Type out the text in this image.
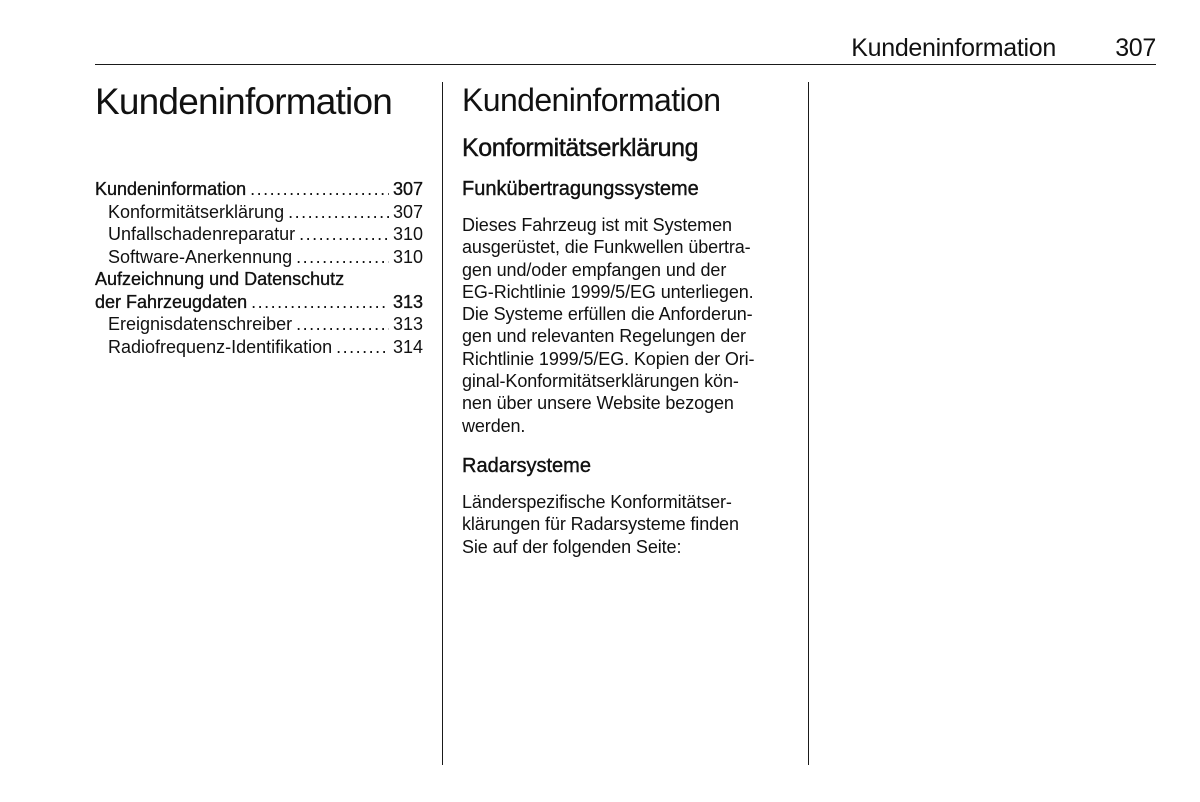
Kundeninformation 307
Kundeninformation
Kundeninformation .....	307
Konformitätserklärung .....	307
Unfallschadenreparatur .....	310
Software-Anerkennung .....	310
Aufzeichnung und Datenschutz
der Fahrzeugdaten .....	313
Ereignisdatenschreiber .....	313
Radiofrequenz-Identifikation .....	314
Kundeninformation
Konformitätserklärung
Funkübertragungssysteme

Dieses Fahrzeug ist mit Systemen
ausgerüstet, die Funkwellen übertra-
gen und/oder empfangen und der
EG-Richtlinie 1999/5/EG unterliegen.
Die Systeme erfüllen die Anforderun-
gen und relevanten Regelungen der
Richtlinie 1999/5/EG. Kopien der Ori-
ginal-Konformitätserklärungen kön-
nen über unsere Website bezogen
werden.

Radarsysteme

Länderspezifische Konformitätser-
klärungen für Radarsysteme finden
Sie auf der folgenden Seite:
